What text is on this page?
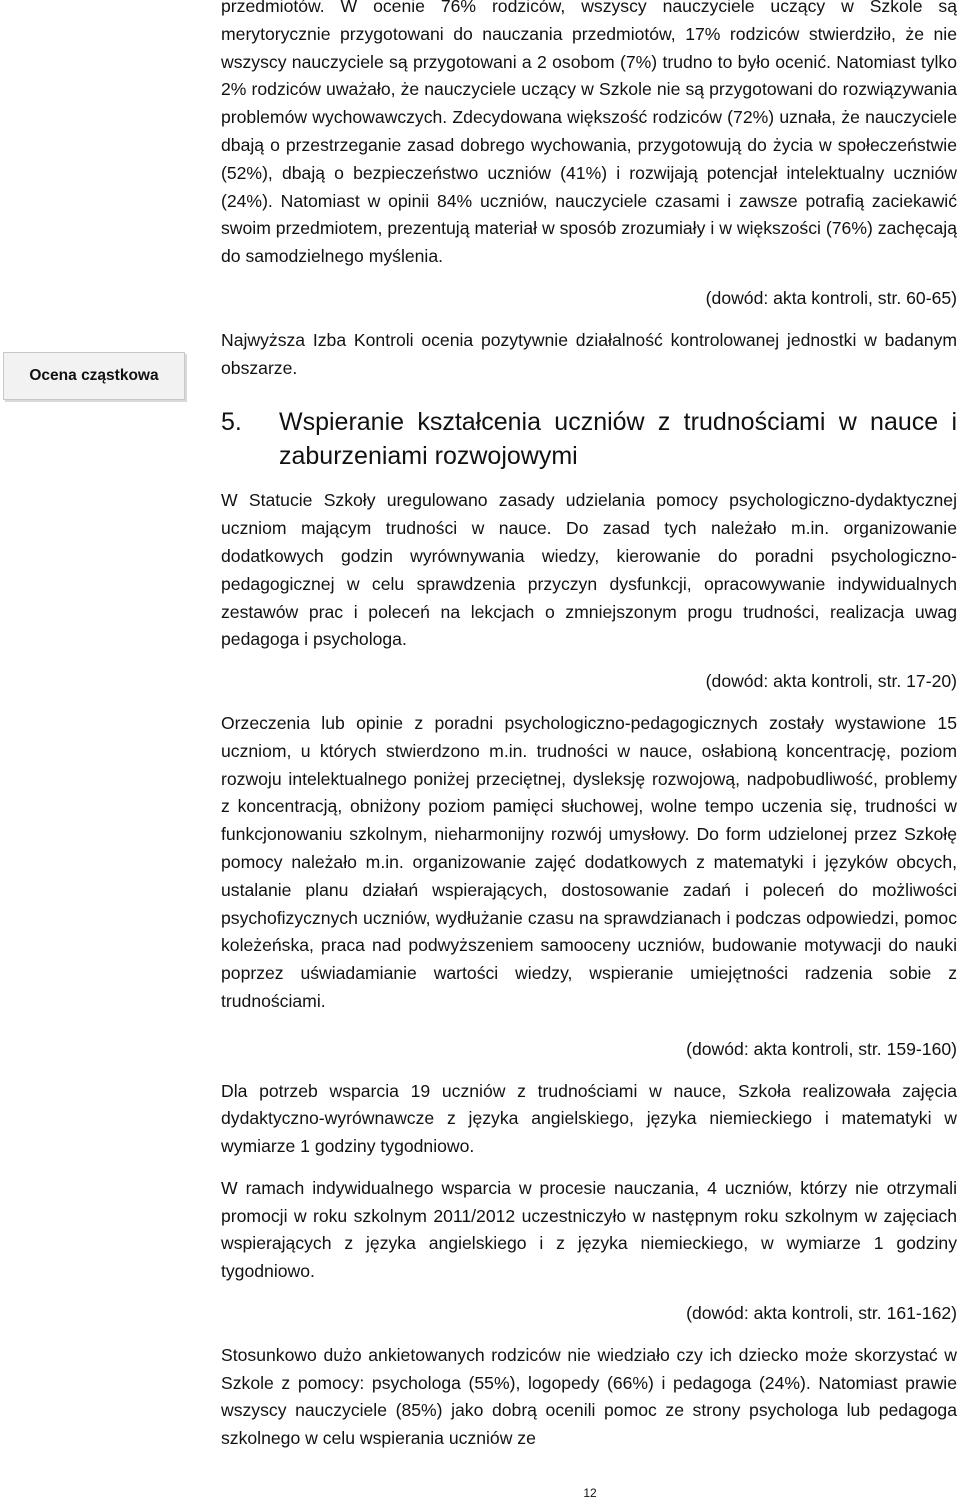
Ocena cząstkowa

przedmiotów. W ocenie 76% rodziców, wszyscy nauczyciele uczący w Szkole są merytorycznie przygotowani do nauczania przedmiotów, 17% rodziców stwierdziło, że nie wszyscy nauczyciele są przygotowani a 2 osobom (7%) trudno to było ocenić. Natomiast tylko 2% rodziców uważało, że nauczyciele uczący w Szkole nie są przygotowani do rozwiązywania problemów wychowawczych. Zdecydowana większość rodziców (72%) uznała, że nauczyciele dbają o przestrzeganie zasad dobrego wychowania, przygotowują do życia w społeczeństwie (52%), dbają o bezpieczeństwo uczniów (41%) i rozwijają potencjał intelektualny uczniów (24%). Natomiast w opinii 84% uczniów, nauczyciele czasami i zawsze potrafią zaciekawić swoim przedmiotem, prezentują materiał w sposób zrozumiały i w większości (76%) zachęcają do samodzielnego myślenia.

(dowód: akta kontroli, str. 60-65)

Najwyższa Izba Kontroli ocenia pozytywnie działalność kontrolowanej jednostki w badanym obszarze.

5.	Wspieranie kształcenia uczniów z trudnościami w nauce i zaburzeniami rozwojowymi

W Statucie Szkoły uregulowano zasady udzielania pomocy psychologiczno-dydaktycznej uczniom mającym trudności w nauce. Do zasad tych należało m.in. organizowanie dodatkowych godzin wyrównywania wiedzy, kierowanie do poradni psychologiczno-pedagogicznej w celu sprawdzenia przyczyn dysfunkcji, opracowywanie indywidualnych zestawów prac i poleceń na lekcjach o zmniejszonym progu trudności, realizacja uwag pedagoga i psychologa.

(dowód: akta kontroli, str. 17-20)

Orzeczenia lub opinie z poradni psychologiczno-pedagogicznych zostały wystawione 15 uczniom, u których stwierdzono m.in. trudności w nauce, osłabioną koncentrację, poziom rozwoju intelektualnego poniżej przeciętnej, dysleksję rozwojową, nadpobudliwość, problemy z koncentracją, obniżony poziom pamięci słuchowej, wolne tempo uczenia się, trudności w funkcjonowaniu szkolnym, nieharmonijny rozwój umysłowy. Do form udzielonej przez Szkołę pomocy należało m.in. organizowanie zajęć dodatkowych z matematyki i języków obcych, ustalanie planu działań wspierających, dostosowanie zadań i poleceń do możliwości psychofizycznych uczniów, wydłużanie czasu na sprawdzianach i podczas odpowiedzi, pomoc koleżeńska, praca nad podwyższeniem samooceny uczniów, budowanie motywacji do nauki poprzez uświadamianie wartości wiedzy, wspieranie umiejętności radzenia sobie z trudnościami.

(dowód: akta kontroli, str. 159-160)

Dla potrzeb wsparcia 19 uczniów z trudnościami w nauce, Szkoła realizowała zajęcia dydaktyczno-wyrównawcze z języka angielskiego, języka niemieckiego i matematyki w wymiarze 1 godziny tygodniowo.

W ramach indywidualnego wsparcia w procesie nauczania, 4 uczniów, którzy nie otrzymali promocji w roku szkolnym 2011/2012 uczestniczyło w następnym roku szkolnym w zajęciach wspierających z języka angielskiego i z języka niemieckiego, w wymiarze 1 godziny tygodniowo.

(dowód: akta kontroli, str. 161-162)

Stosunkowo dużo ankietowanych rodziców nie wiedziało czy ich dziecko może skorzystać w Szkole z pomocy: psychologa (55%), logopedy (66%) i pedagoga (24%). Natomiast prawie wszyscy nauczyciele (85%) jako dobrą ocenili pomoc ze strony psychologa lub pedagoga szkolnego w celu wspierania uczniów ze

12
